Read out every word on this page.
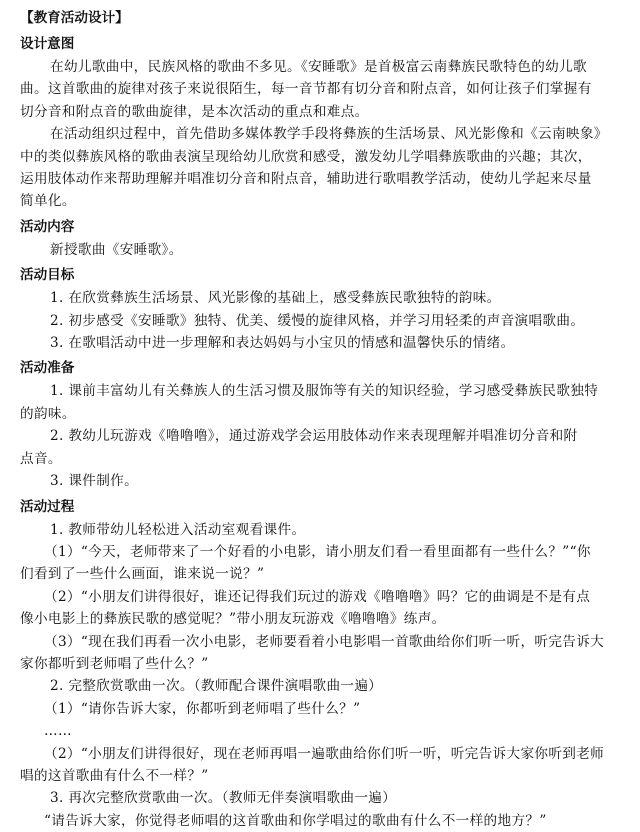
【教育活动设计】
设计意图
在幼儿歌曲中，民族风格的歌曲不多见。《安睡歌》是首极富云南彝族民歌特色的幼儿歌
曲。这首歌曲的旋律对孩子来说很陌生，每一音节都有切分音和附点音，如何让孩子们掌握有
切分音和附点音的歌曲旋律，是本次活动的重点和难点。
在活动组织过程中，首先借助多媒体教学手段将彝族的生活场景、风光影像和《云南映象》
中的类似彝族风格的歌曲表演呈现给幼儿欣赏和感受，激发幼儿学唱彝族歌曲的兴趣；其次，
运用肢体动作来帮助理解并唱准切分音和附点音，辅助进行歌唱教学活动，使幼儿学起来尽量
简单化。
活动内容
新授歌曲《安睡歌》。
活动目标
1. 在欣赏彝族生活场景、风光影像的基础上，感受彝族民歌独特的韵味。
2. 初步感受《安睡歌》独特、优美、缓慢的旋律风格，并学习用轻柔的声音演唱歌曲。
3. 在歌唱活动中进一步理解和表达妈妈与小宝贝的情感和温馨快乐的情绪。
活动准备
1. 课前丰富幼儿有关彝族人的生活习惯及服饰等有关的知识经验，学习感受彝族民歌独特
的韵味。
2. 教幼儿玩游戏《噜噜噜》，通过游戏学会运用肢体动作来表现理解并唱准切分音和附
点音。
3. 课件制作。
活动过程
1. 教师带幼儿轻松进入活动室观看课件。
（1）“今天，老师带来了一个好看的小电影，请小朋友们看一看里面都有一些什么？”“你
们看到了一些什么画面，谁来说一说？”
（2）“小朋友们讲得很好，谁还记得我们玩过的游戏《噜噜噜》吗？它的曲调是不是有点
像小电影上的彝族民歌的感觉呢？”带小朋友玩游戏《噜噜噜》练声。
（3）“现在我们再看一次小电影，老师要看着小电影唱一首歌曲给你们听一听，听完告诉大
家你都听到老师唱了些什么？”
2. 完整欣赏歌曲一次。（教师配合课件演唱歌曲一遍）
（1）“请你告诉大家，你都听到老师唱了些什么？”
……
（2）“小朋友们讲得很好，现在老师再唱一遍歌曲给你们听一听，听完告诉大家你听到老师
唱的这首歌曲有什么不一样？”
3. 再次完整欣赏歌曲一次。（教师无伴奏演唱歌曲一遍）
“请告诉大家，你觉得老师唱的这首歌曲和你学唱过的歌曲有什么不一样的地方？”
